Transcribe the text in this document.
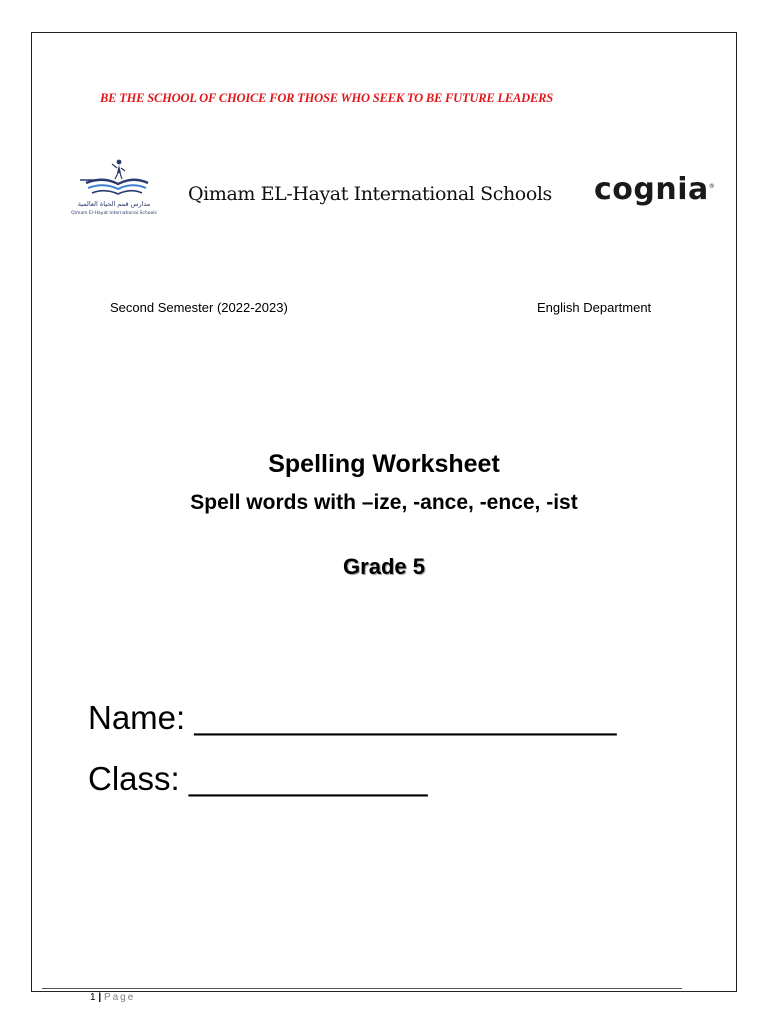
BE THE SCHOOL OF CHOICE FOR THOSE WHO SEEK TO BE FUTURE LEADERS
مدارس قمم الحياة العالمية
Qimam El-Hayat International Schools
Qimam EL-Hayat International Schools cognia®
Second Semester (2022-2023)	English Department
Spelling Worksheet
Spell words with –ize, -ance, -ence, -ist
Grade 5
Name: _______________________
Class: _____________
1 | Page
